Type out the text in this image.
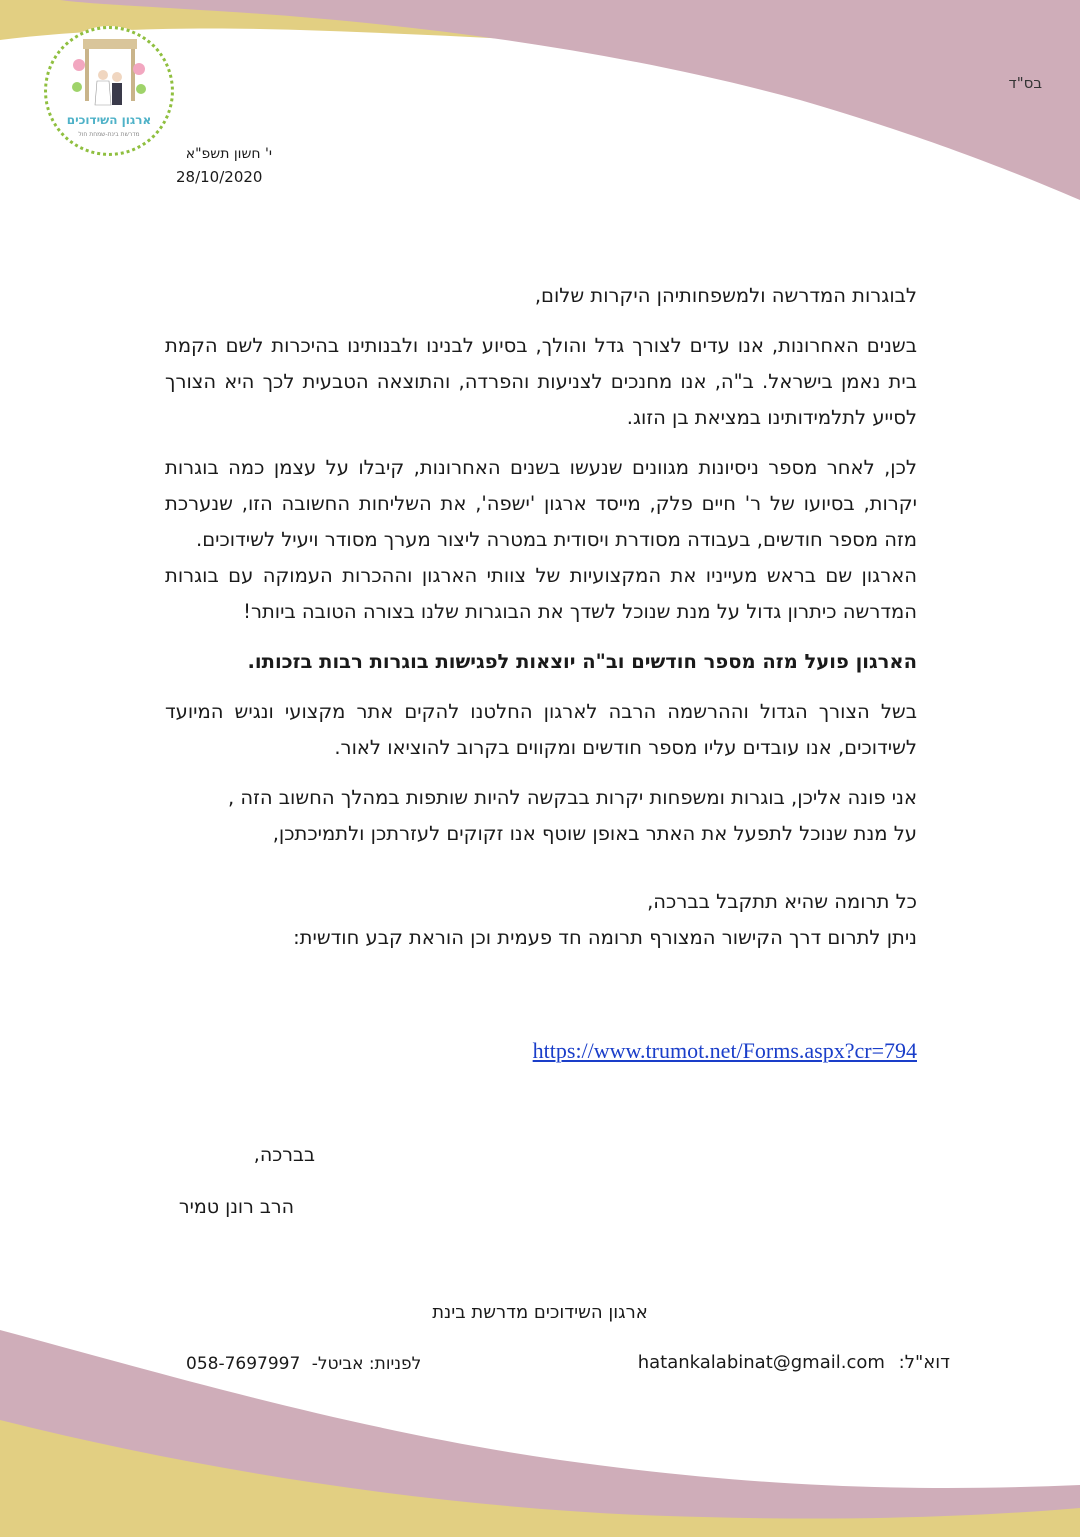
בס"ד
ארגון השידוכים
מדרשת בינת-שמחת חול
י' חשון תשפ"א
28/10/2020

לבוגרות המדרשה ולמשפחותיהן היקרות שלום,

בשנים האחרונות, אנו עדים לצורך גדל והולך, בסיוע לבנינו ולבנותינו בהיכרות לשם הקמת בית נאמן בישראל. ב"ה, אנו מחנכים לצניעות והפרדה, והתוצאה הטבעית לכך היא הצורך לסייע לתלמידותינו במציאת בן הזוג.

לכן, לאחר מספר ניסיונות מגוונים שנעשו בשנים האחרונות, קיבלו על עצמן כמה בוגרות יקרות, בסיועו של ר' חיים פלק, מייסד ארגון 'ישפה', את השליחות החשובה הזו, שנערכת מזה מספר חודשים, בעבודה מסודרת ויסודית במטרה ליצור מערך מסודר ויעיל לשידוכים.

הארגון שם בראש מעייניו את המקצועיות של צוותי הארגון וההכרות העמוקה עם בוגרות המדרשה כיתרון גדול על מנת שנוכל לשדך את הבוגרות שלנו בצורה הטובה ביותר!

הארגון פועל מזה מספר חודשים וב"ה יוצאות לפגישות בוגרות רבות בזכותו.

בשל הצורך הגדול וההרשמה הרבה לארגון החלטנו להקים אתר מקצועי ונגיש המיועד לשידוכים, אנו עובדים עליו מספר חודשים ומקווים בקרוב להוציאו לאור.

אני פונה אליכן, בוגרות ומשפחות יקרות בבקשה להיות שותפות במהלך החשוב הזה ,

על מנת שנוכל לתפעל את האתר באופן שוטף אנו זקוקים לעזרתכן ולתמיכתכן,

כל תרומה שהיא תתקבל בברכה,

ניתן לתרום דרך הקישור המצורף תרומה חד פעמית וכן הוראת קבע חודשית:

https://www.trumot.net/Forms.aspx?cr=794
בברכה,
הרב רונן טמיר
ארגון השידוכים מדרשת בינת
דוא"ל: hatankalabinat@gmail.com
לפניות: אביטל- 058-7697997
